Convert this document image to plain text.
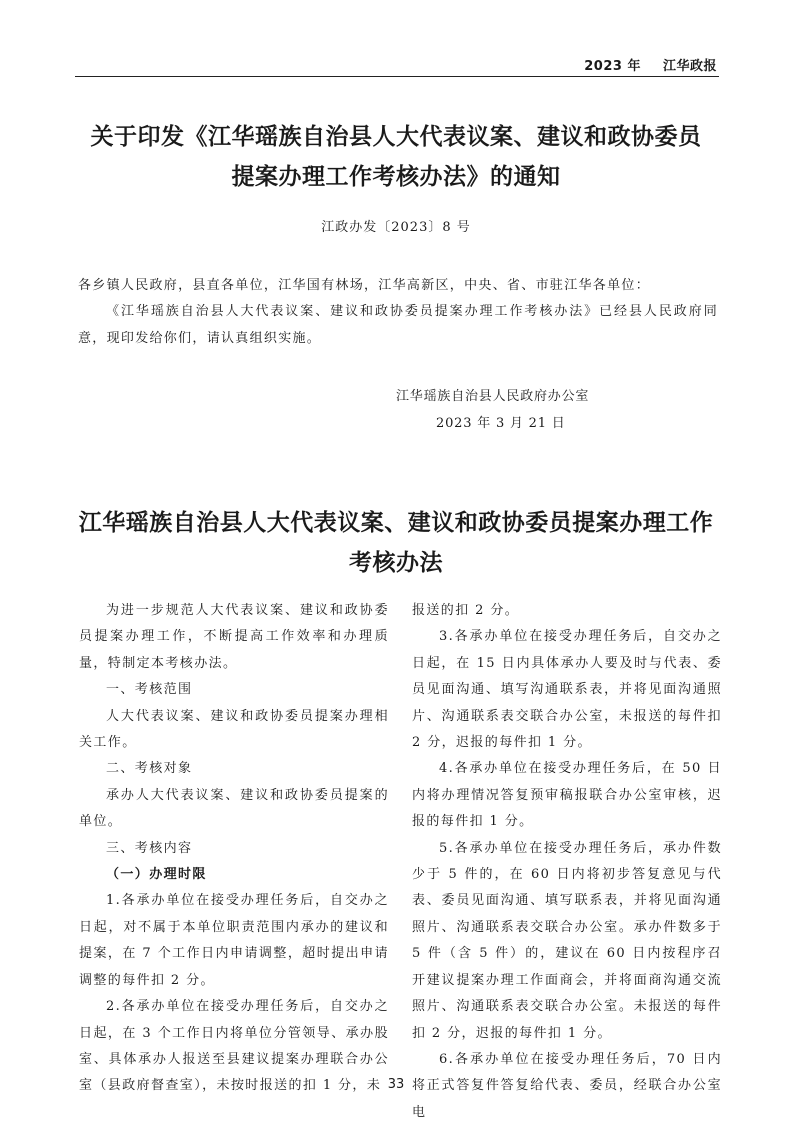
2023 年 江华政报
关于印发《江华瑶族自治县人大代表议案、建议和政协委员
提案办理工作考核办法》的通知
江政办发〔2023〕8 号
各乡镇人民政府，县直各单位，江华国有林场，江华高新区，中央、省、市驻江华各单位：
《江华瑶族自治县人大代表议案、建议和政协委员提案办理工作考核办法》已经县人民政府同意，现印发给你们，请认真组织实施。
江华瑶族自治县人民政府办公室
2023 年 3 月 21 日
江华瑶族自治县人大代表议案、建议和政协委员提案办理工作
考核办法
为进一步规范人大代表议案、建议和政协委员提案办理工作，不断提高工作效率和办理质量，特制定本考核办法。
一、考核范围
人大代表议案、建议和政协委员提案办理相关工作。
二、考核对象
承办人大代表议案、建议和政协委员提案的单位。
三、考核内容
（一）办理时限
1.各承办单位在接受办理任务后，自交办之日起，对不属于本单位职责范围内承办的建议和提案，在 7 个工作日内申请调整，超时提出申请调整的每件扣 2 分。
2.各承办单位在接受办理任务后，自交办之日起，在 3 个工作日内将单位分管领导、承办股室、具体承办人报送至县建议提案办理联合办公室（县政府督查室），未按时报送的扣 1 分，未
报送的扣 2 分。
3.各承办单位在接受办理任务后，自交办之日起，在 15 日内具体承办人要及时与代表、委员见面沟通、填写沟通联系表，并将见面沟通照片、沟通联系表交联合办公室，未报送的每件扣 2 分，迟报的每件扣 1 分。
4.各承办单位在接受办理任务后，在 50 日内将办理情况答复预审稿报联合办公室审核，迟报的每件扣 1 分。
5.各承办单位在接受办理任务后，承办件数少于 5 件的，在 60 日内将初步答复意见与代表、委员见面沟通、填写联系表，并将见面沟通照片、沟通联系表交联合办公室。承办件数多于 5 件（含 5 件）的，建议在 60 日内按程序召开建议提案办理工作面商会，并将面商沟通交流照片、沟通联系表交联合办公室。未报送的每件扣 2 分，迟报的每件扣 1 分。
6.各承办单位在接受办理任务后，70 日内将正式答复件答复给代表、委员，经联合办公室电
33
